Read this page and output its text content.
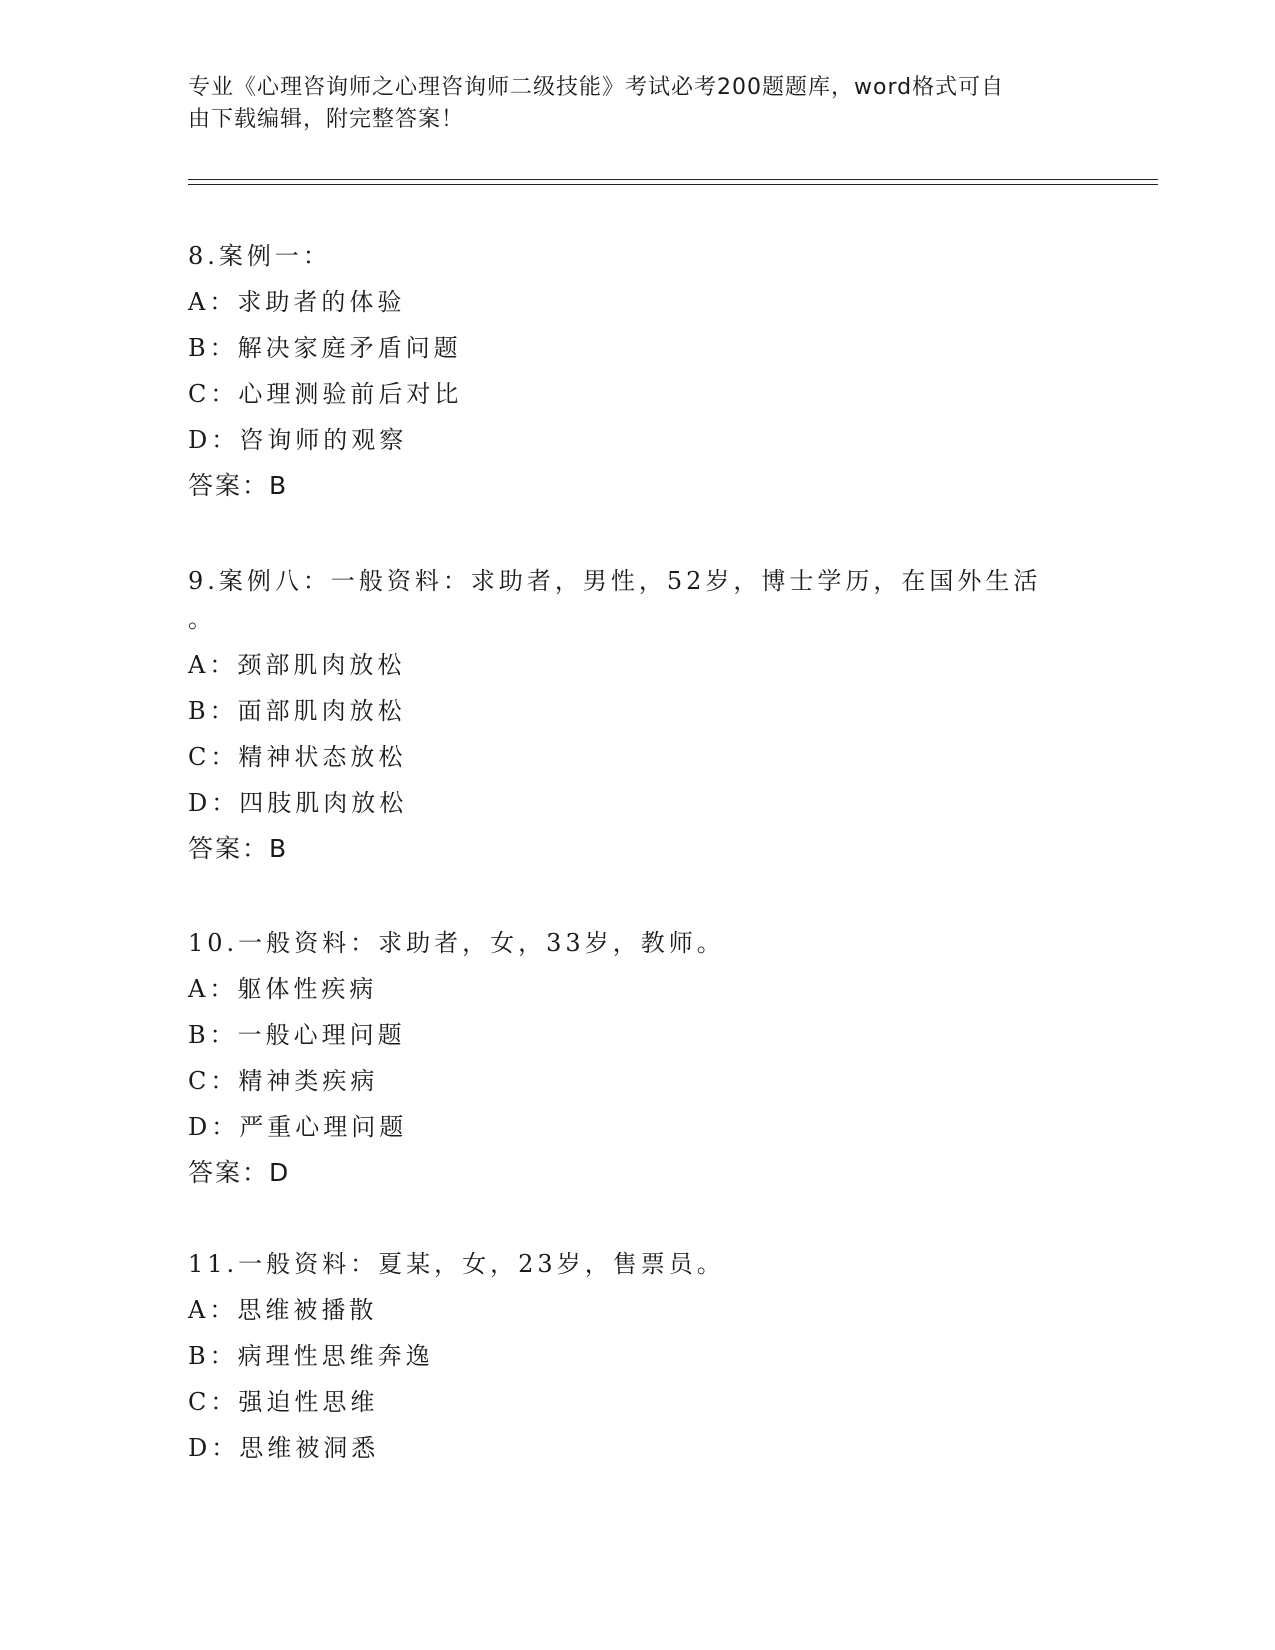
专业《心理咨询师之心理咨询师二级技能》考试必考200题题库，word格式可自
由下载编辑，附完整答案！
8.案例一：
A：求助者的体验
B：解决家庭矛盾问题
C：心理测验前后对比
D：咨询师的观察
答案：B
9.案例八：一般资料：求助者，男性，52岁，博士学历，在国外生活
。
A：颈部肌肉放松
B：面部肌肉放松
C：精神状态放松
D：四肢肌肉放松
答案：B
10.一般资料：求助者，女，33岁，教师。
A：躯体性疾病
B：一般心理问题
C：精神类疾病
D：严重心理问题
答案：D
11.一般资料：夏某，女，23岁，售票员。
A：思维被播散
B：病理性思维奔逸
C：强迫性思维
D：思维被洞悉
